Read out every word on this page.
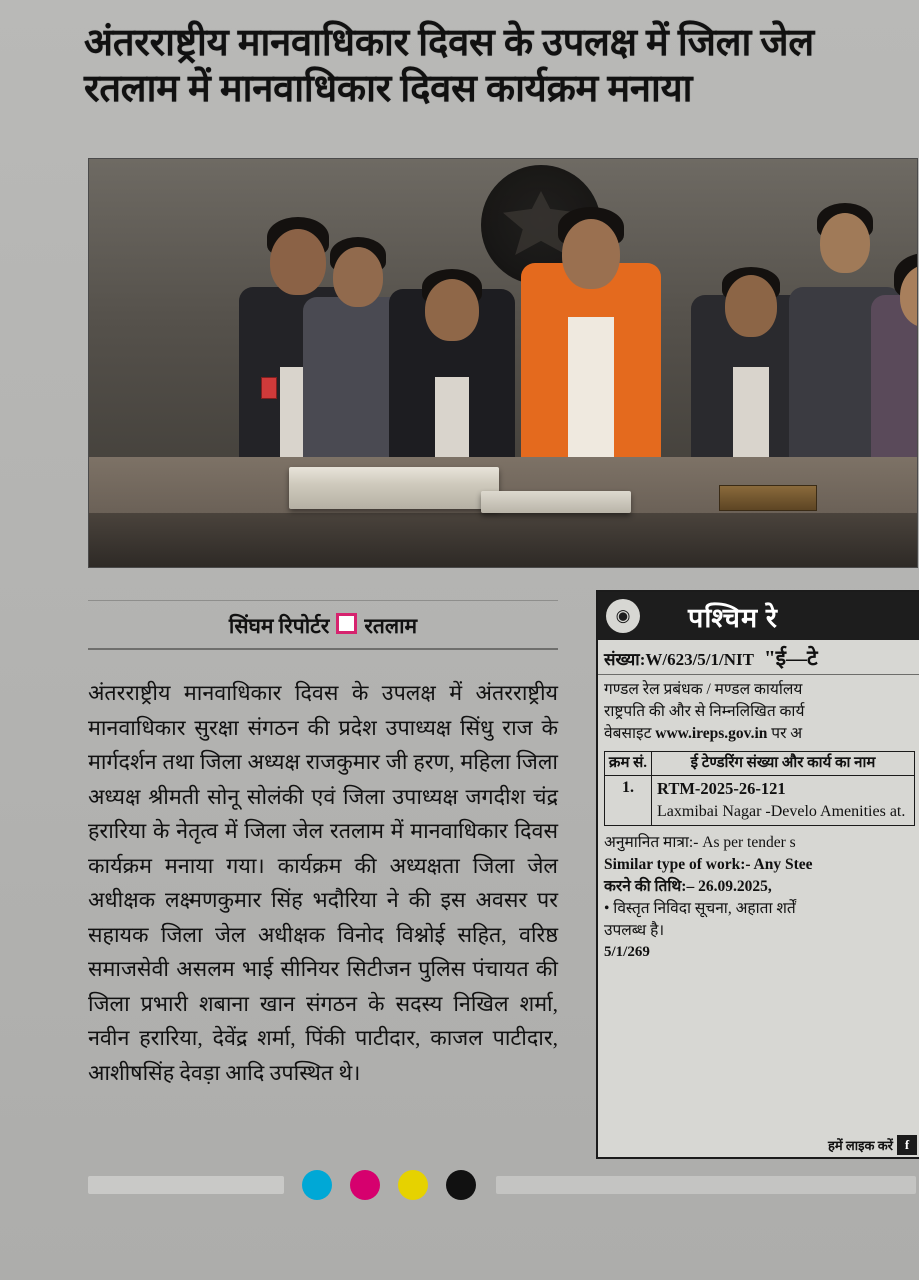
अंतरराष्ट्रीय मानवाधिकार दिवस के उपलक्ष में जिला जेल रतलाम में मानवाधिकार दिवस कार्यक्रम मनाया
सिंघम रिपोर्टर रतलाम
अंतरराष्ट्रीय मानवाधिकार दिवस के उपलक्ष में अंतरराष्ट्रीय मानवाधिकार सुरक्षा संगठन की प्रदेश उपाध्यक्ष सिंधु राज के मार्गदर्शन तथा जिला अध्यक्ष राजकुमार जी हरण, महिला जिला अध्यक्ष श्रीमती सोनू सोलंकी एवं जिला उपाध्यक्ष जगदीश चंद्र हरारिया के नेतृत्व में जिला जेल रतलाम में मानवाधिकार दिवस कार्यक्रम मनाया गया। कार्यक्रम की अध्यक्षता जिला जेल अधीक्षक लक्ष्मणकुमार सिंह भदौरिया ने की इस अवसर पर सहायक जिला जेल अधीक्षक विनोद विश्नोई सहित, वरिष्ठ समाजसेवी असलम भाई सीनियर सिटीजन पुलिस पंचायत की जिला प्रभारी शबाना खान संगठन के सदस्य निखिल शर्मा, नवीन हरारिया, देवेंद्र शर्मा, पिंकी पाटीदार, काजल पाटीदार, आशीषसिंह देवड़ा आदि उपस्थित थे।
◉	पश्चिम रे
संख्या:W/623/5/1/NIT "ई—टे
गण्डल रेल प्रबंधक / मण्डल कार्यालय
राष्ट्रपति की और से निम्नलिखित कार्य
वेबसाइट www.ireps.gov.in पर अ
क्रम सं.	ई टेण्डरिंग संख्या और कार्य का नाम
1.	RTM-2025-26-121
Laxmibai Nagar -Develo Amenities at.
अनुमानित मात्रा:- As per tender s
Similar type of work:- Any Stee
करने की तिथि:– 26.09.2025,
• विस्तृत निविदा सूचना, अहाता शर्तें
उपलब्ध है।
5/1/269
हमें लाइक करें f
